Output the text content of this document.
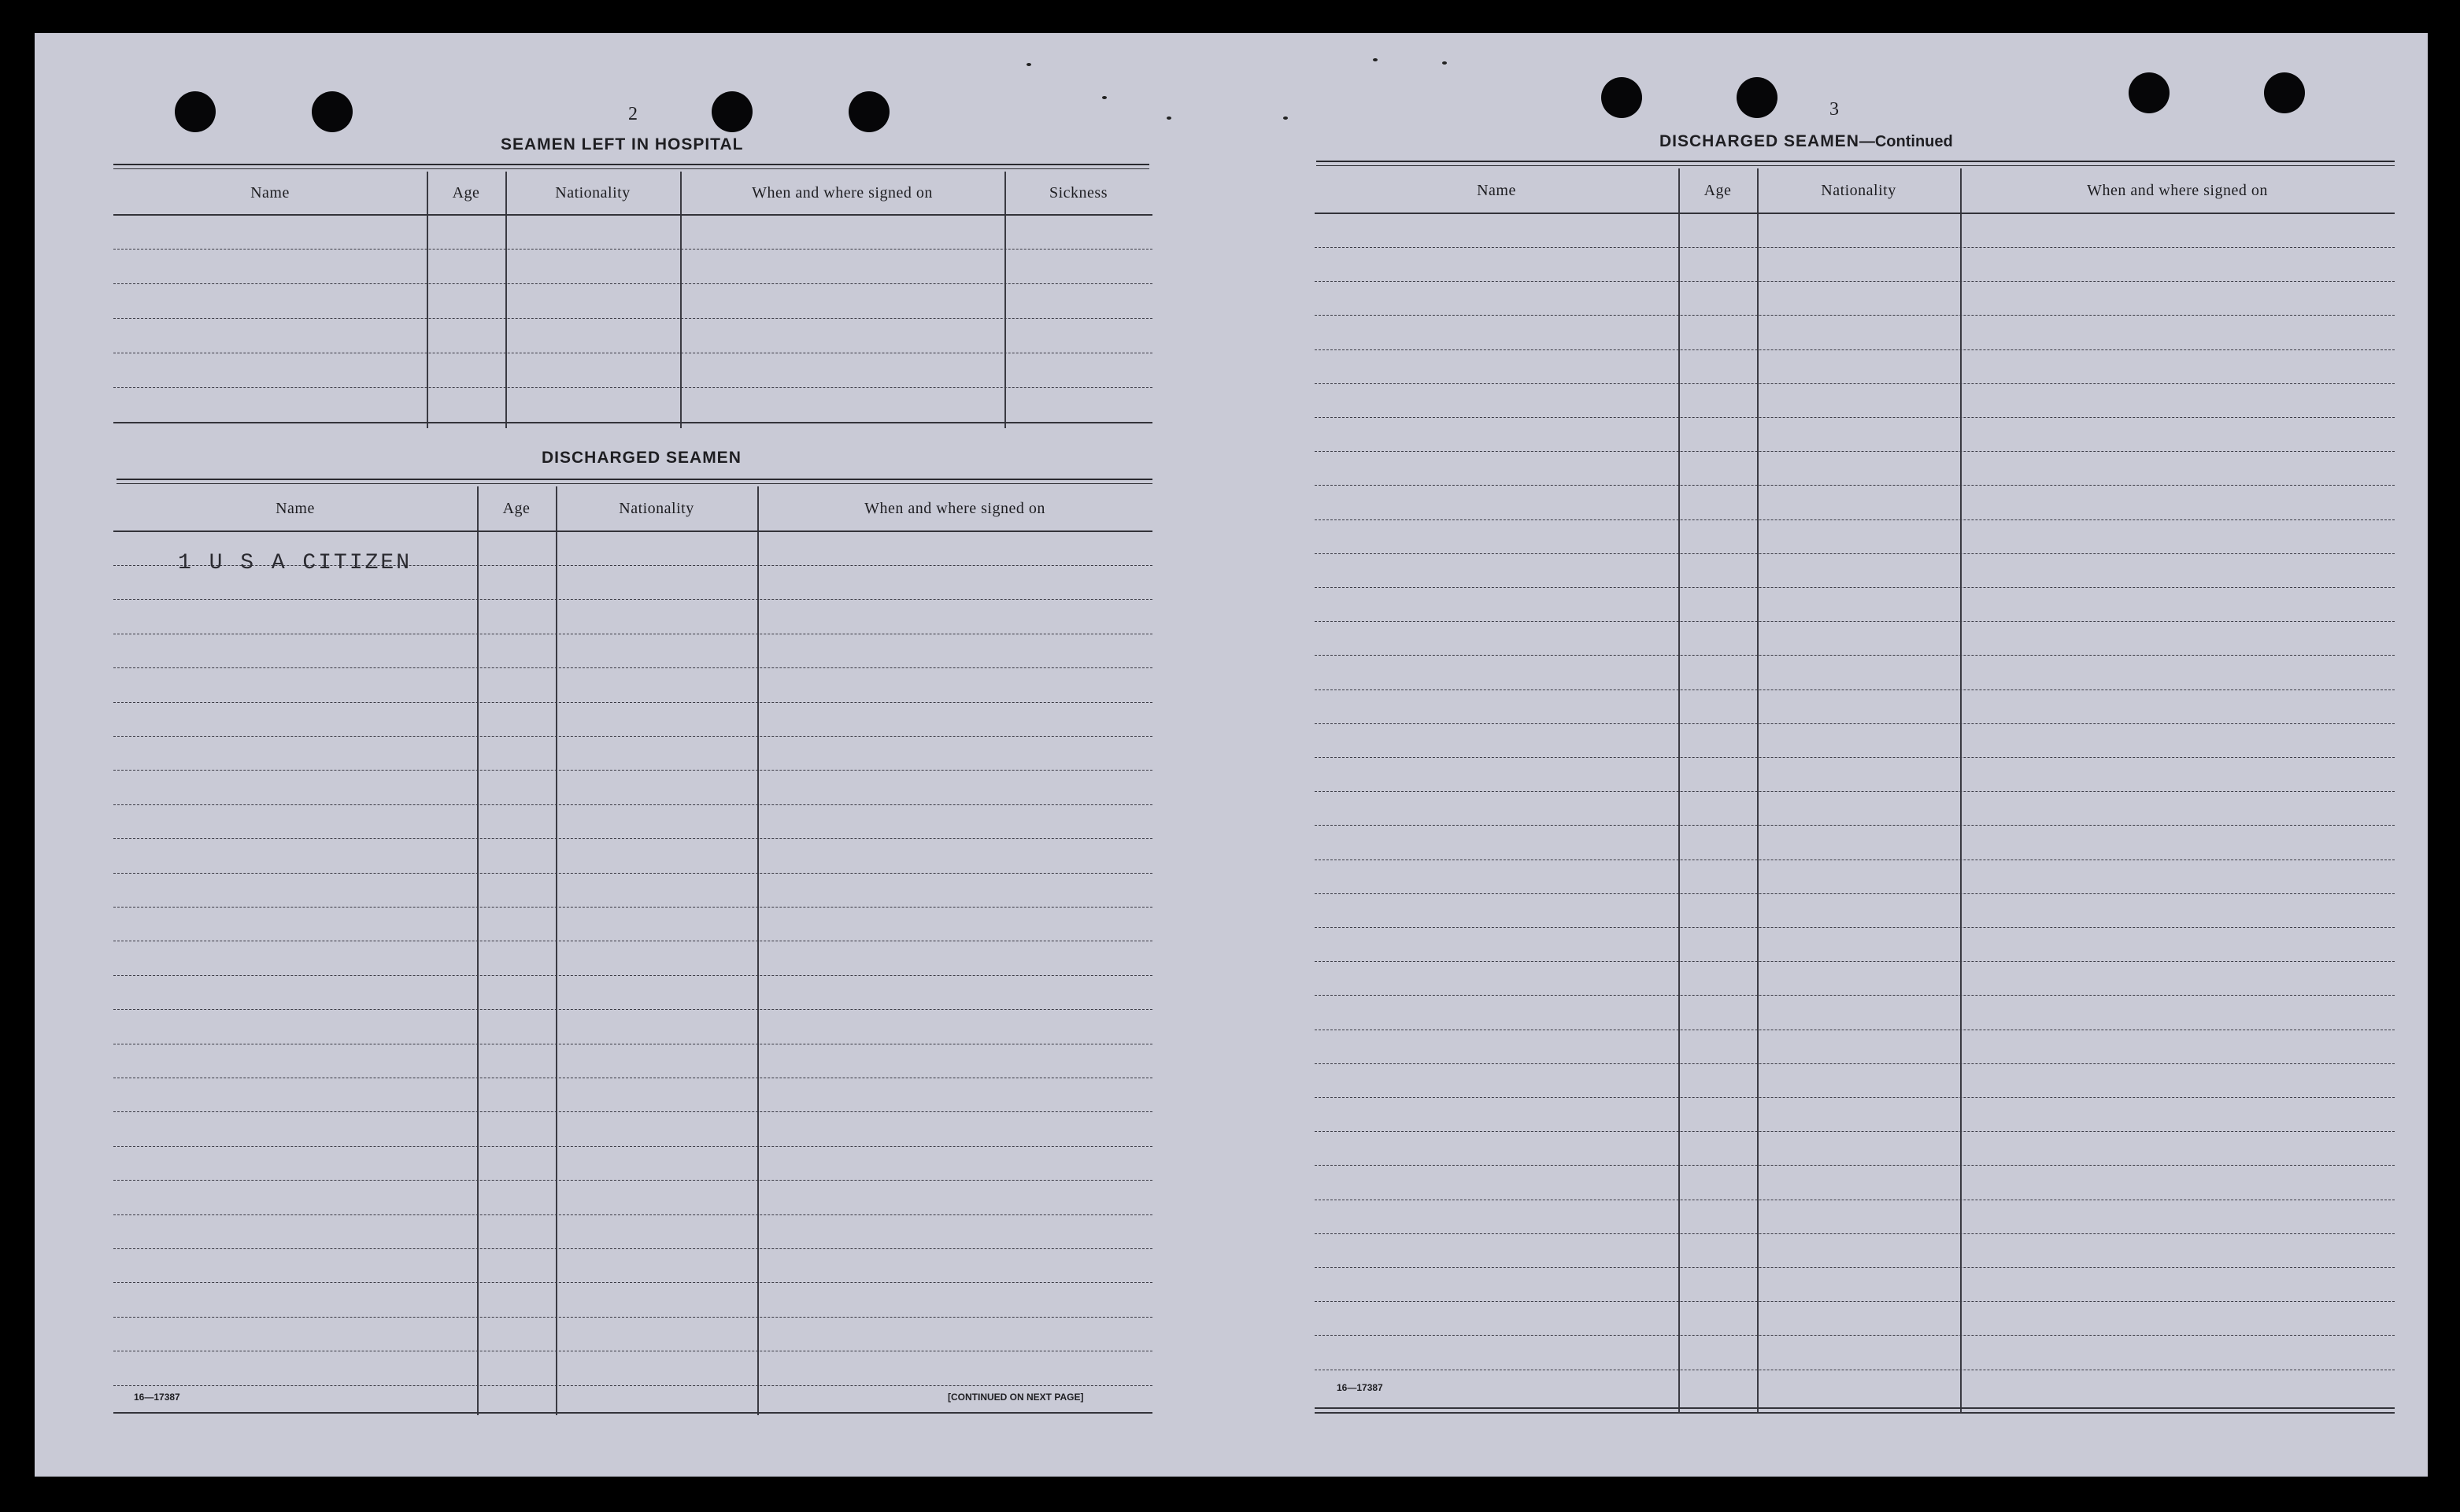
2
SEAMEN LEFT IN HOSPITAL
Name	Age	Nationality	When and where signed on	Sickness
DISCHARGED SEAMEN
Name	Age	Nationality	When and where signed on
1 U S A CITIZEN
16—17387	[CONTINUED ON NEXT PAGE]
3
DISCHARGED SEAMEN—Continued
Name	Age	Nationality	When and where signed on
16—17387
